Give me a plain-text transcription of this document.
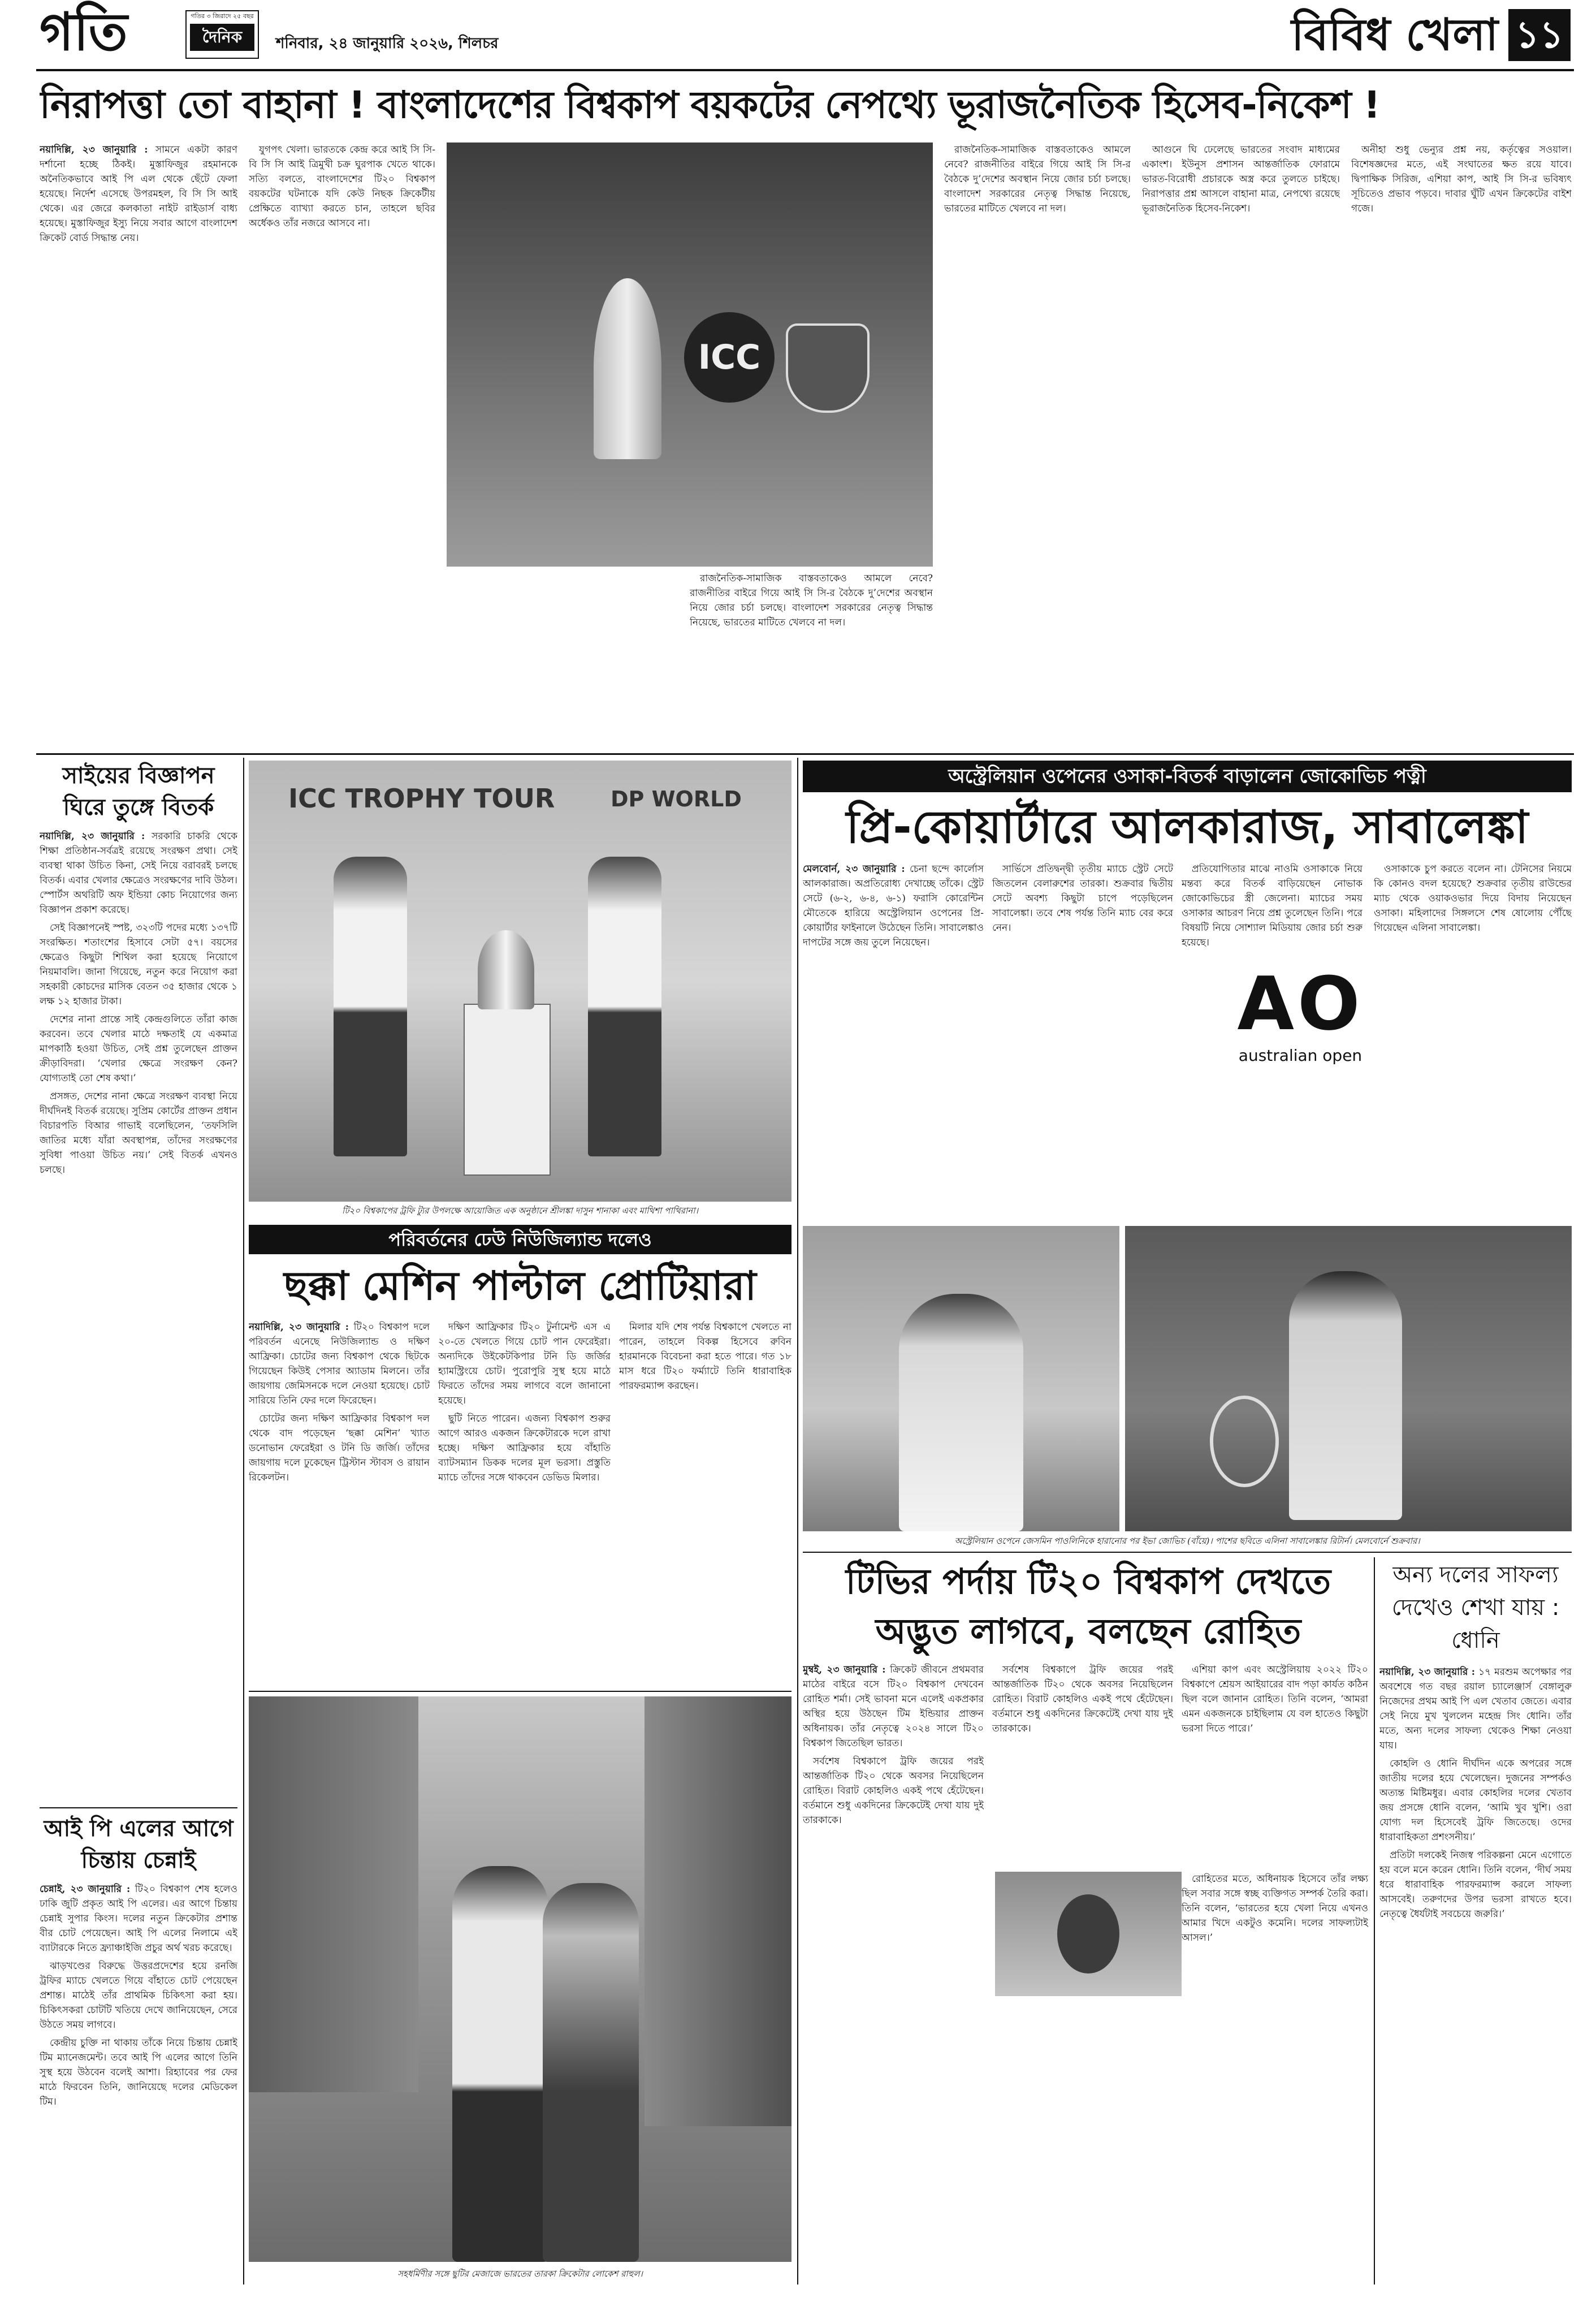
গতি	গতির ৩ জিরাদে ২৫ বছর
দৈনিক	শনিবার, ২৪ জানুয়ারি ২০২৬, শিলচর	বিবিধ খেলা ১১
নিরাপত্তা তো বাহানা ! বাংলাদেশের বিশ্বকাপ বয়কটের নেপথ্যে ভূরাজনৈতিক হিসেব-নিকেশ !

নয়াদিল্লি, ২৩ জানুয়ারি : সামনে একটা কারণ দর্শানো হচ্ছে ঠিকই। মুস্তাফিজুর রহমানকে অনৈতিকভাবে আই পি এল থেকে ছেঁটে ফেলা হয়েছে। নির্দেশ এসেছে উপরমহল, বি সি সি আই থেকে। এর জেরে কলকাতা নাইট রাইডার্স বাধ্য হয়েছে। মুস্তাফিজুর ইস্যু নিয়ে সবার আগে বাংলাদেশ ক্রিকেট বোর্ড সিদ্ধান্ত নেয়।

যুগপৎ খেলা। ভারতকে কেন্দ্র করে আই সি সি-বি সি সি আই ত্রিমুখী চক্র ঘুরপাক খেতে থাকে। সত্যি বলতে, বাংলাদেশের টি২০ বিশ্বকাপ বয়কটের ঘটনাকে যদি কেউ নিছক ক্রিকেটীয় প্রেক্ষিতে ব্যাখ্যা করতে চান, তাহলে ছবির অর্ধেকও তাঁর নজরে আসবে না।

ICC

রাজনৈতিক-সামাজিক বাস্তবতাকেও আমলে নেবে? রাজনীতির বাইরে গিয়ে আই সি সি-র বৈঠকে দু’দেশের অবস্থান নিয়ে জোর চর্চা চলছে। বাংলাদেশ সরকারের নেতৃত্ব সিদ্ধান্ত নিয়েছে, ভারতের মাটিতে খেলবে না দল।

রাজনৈতিক-সামাজিক বাস্তবতাকেও আমলে নেবে? রাজনীতির বাইরে গিয়ে আই সি সি-র বৈঠকে দু’দেশের অবস্থান নিয়ে জোর চর্চা চলছে। বাংলাদেশ সরকারের নেতৃত্ব সিদ্ধান্ত নিয়েছে, ভারতের মাটিতে খেলবে না দল।

আগুনে ঘি ঢেলেছে ভারতের সংবাদ মাধ্যমের একাংশ। ইউনুস প্রশাসন আন্তর্জাতিক ফোরামে ভারত-বিরোধী প্রচারকে অস্ত্র করে তুলতে চাইছে। নিরাপত্তার প্রশ্ন আসলে বাহানা মাত্র, নেপথ্যে রয়েছে ভূরাজনৈতিক হিসেব-নিকেশ।

অনীহা শুধু ভেন্যুর প্রশ্ন নয়, কর্তৃত্বের সওয়াল। বিশেষজ্ঞদের মতে, এই সংঘাতের ক্ষত রয়ে যাবে। দ্বিপাক্ষিক সিরিজ, এশিয়া কাপ, আই সি সি-র ভবিষ্যৎ সূচিতেও প্রভাব পড়বে। দাবার ঘুঁটি এখন ক্রিকেটের বাইশ গজে।

সাইয়ের বিজ্ঞাপন ঘিরে তুঙ্গে বিতর্ক

নয়াদিল্লি, ২৩ জানুয়ারি : সরকারি চাকরি থেকে শিক্ষা প্রতিষ্ঠান-সর্বত্রই রয়েছে সংরক্ষণ প্রথা। সেই ব্যবস্থা থাকা উচিত কিনা, সেই নিয়ে বরাবরই চলছে বিতর্ক। এবার খেলার ক্ষেত্রেও সংরক্ষণের দাবি উঠল। স্পোর্টস অথরিটি অফ ইন্ডিয়া কোচ নিয়োগের জন্য বিজ্ঞাপন প্রকাশ করেছে।

সেই বিজ্ঞাপনেই স্পষ্ট, ৩২৩টি পদের মধ্যে ১৩৭টি সংরক্ষিত। শতাংশের হিসাবে সেটা ৫৭। বয়সের ক্ষেত্রেও কিছুটা শিথিল করা হয়েছে নিয়োগে নিয়মাবলি। জানা গিয়েছে, নতুন করে নিয়োগ করা সহকারী কোচদের মাসিক বেতন ৩৫ হাজার থেকে ১ লক্ষ ১২ হাজার টাকা।

দেশের নানা প্রান্তে সাই কেন্দ্রগুলিতে তাঁরা কাজ করবেন। তবে খেলার মাঠে দক্ষতাই যে একমাত্র মাপকাঠি হওয়া উচিত, সেই প্রশ্ন তুলেছেন প্রাক্তন ক্রীড়াবিদরা। ‘খেলার ক্ষেত্রে সংরক্ষণ কেন? যোগ্যতাই তো শেষ কথা।’

প্রসঙ্গত, দেশের নানা ক্ষেত্রে সংরক্ষণ ব্যবস্থা নিয়ে দীর্ঘদিনই বিতর্ক রয়েছে। সুপ্রিম কোর্টের প্রাক্তন প্রধান বিচারপতি বিআর গাভাই বলেছিলেন, ‘তফসিলি জাতির মধ্যে যাঁরা অবস্থাপন্ন, তাঁদের সংরক্ষণের সুবিধা পাওয়া উচিত নয়।’ সেই বিতর্ক এখনও চলছে।

আই পি এলের আগে চিন্তায় চেন্নাই

চেন্নাই, ২৩ জানুয়ারি : টি২০ বিশ্বকাপ শেষ হলেও ঢাকি জুটি প্রকৃত আই পি এলের। এর আগে চিন্তায় চেন্নাই সুপার কিংস। দলের নতুন ক্রিকেটার প্রশান্ত বীর চোট পেয়েছেন। আই পি এলের নিলামে এই ব্যাটারকে নিতে ফ্র্যাঞ্চাইজি প্রচুর অর্থ খরচ করেছে।

ঝাড়খণ্ডের বিরুদ্ধে উত্তরপ্রদেশের হয়ে রনজি ট্রফির ম্যাচে খেলতে গিয়ে বাঁহাতে চোট পেয়েছেন প্রশান্ত। মাঠেই তাঁর প্রাথমিক চিকিৎসা করা হয়। চিকিৎসকরা চোটটি খতিয়ে দেখে জানিয়েছেন, সেরে উঠতে সময় লাগবে।

কেন্দ্রীয় চুক্তি না থাকায় তাঁকে নিয়ে চিন্তায় চেন্নাই টিম ম্যানেজমেন্ট। তবে আই পি এলের আগে তিনি সুস্থ হয়ে উঠবেন বলেই আশা। রিহ্যাবের পর ফের মাঠে ফিরবেন তিনি, জানিয়েছে দলের মেডিকেল টিম।

ICC TROPHY TOUR	DP WORLD
টি২০ বিশ্বকাপের ট্রফি ট্যুর উপলক্ষে আয়োজিত এক অনুষ্ঠানে শ্রীলঙ্কা দাসুন শানাকা এবং মাথিশা পাথিরানা।
পরিবর্তনের ঢেউ নিউজিল্যান্ড দলেও
ছক্কা মেশিন পাল্টাল প্রোটিয়ারা

নয়াদিল্লি, ২৩ জানুয়ারি : টি২০ বিশ্বকাপ দলে পরিবর্তন এনেছে নিউজিল্যান্ড ও দক্ষিণ আফ্রিকা। চোটের জন্য বিশ্বকাপ থেকে ছিটকে গিয়েছেন কিউই পেসার অ্যাডাম মিলনে। তাঁর জায়গায় জেমিসনকে দলে নেওয়া হয়েছে। চোট সারিয়ে তিনি ফের দলে ফিরেছেন।

চোটের জন্য দক্ষিণ আফ্রিকার বিশ্বকাপ দল থেকে বাদ পড়েছেন ‘ছক্কা মেশিন’ খ্যাত ডনোভান ফেরেইরা ও টনি ডি জর্জি। তাঁদের জায়গায় দলে ঢুকেছেন ট্রিস্টান স্টাবস ও রায়ান রিকেলটন।

দক্ষিণ আফ্রিকার টি২০ টুর্নামেন্ট এস এ ২০-তে খেলতে গিয়ে চোট পান ফেরেইরা। অন্যদিকে উইকেটকিপার টনি ডি জর্জির হ্যামস্ট্রিংয়ে চোট। পুরোপুরি সুস্থ হয়ে মাঠে ফিরতে তাঁদের সময় লাগবে বলে জানানো হয়েছে।

ছুটি নিতে পারেন। এজন্য বিশ্বকাপ শুরুর আগে আরও একজন ক্রিকেটারকে দলে রাখা হচ্ছে। দক্ষিণ আফ্রিকার হয়ে বাঁহাতি ব্যাটসম্যান ডিকক দলের মূল ভরসা। প্রস্তুতি ম্যাচে তাঁদের সঙ্গে থাকবেন ডেভিড মিলার।

মিলার যদি শেষ পর্যন্ত বিশ্বকাপে খেলতে না পারেন, তাহলে বিকল্প হিসেবে রুবিন হারমানকে বিবেচনা করা হতে পারে। গত ১৮ মাস ধরে টি২০ ফর্ম্যাটে তিনি ধারাবাহিক পারফরম্যান্স করছেন।

সহধর্মিণীর সঙ্গে ছুটির মেজাজে ভারতের তারকা ক্রিকেটার লোকেশ রাহুল।
অস্ট্রেলিয়ান ওপেনের ওসাকা-বিতর্ক বাড়ালেন জোকোভিচ পত্নী
প্রি-কোয়ার্টারে আলকারাজ, সাবালেঙ্কা

মেলবোর্ন, ২৩ জানুয়ারি : চেনা ছন্দে কার্লোস আলকারাজ। অপ্রতিরোধ্য দেখাচ্ছে তাঁকে। স্ট্রেট সেটে (৬-২, ৬-৪, ৬-১) ফরাসি কোরেন্টিন মৌতেকে হারিয়ে অস্ট্রেলিয়ান ওপেনের প্রি-কোয়ার্টার ফাইনালে উঠেছেন তিনি। সাবালেঙ্কাও দাপটের সঙ্গে জয় তুলে নিয়েছেন।

সার্ভিসে প্রতিদ্বন্দ্বী তৃতীয় ম্যাচে স্ট্রেট সেটে জিতলেন বেলারুশের তারকা। শুক্রবার দ্বিতীয় সেটে অবশ্য কিছুটা চাপে পড়েছিলেন সাবালেঙ্কা। তবে শেষ পর্যন্ত তিনি ম্যাচ বের করে নেন।

প্রতিযোগিতার মাঝে নাওমি ওসাকাকে নিয়ে মন্তব্য করে বিতর্ক বাড়িয়েছেন নোভাক জোকোভিচের স্ত্রী জেলেনা। ম্যাচের সময় ওসাকার আচরণ নিয়ে প্রশ্ন তুলেছেন তিনি। পরে বিষয়টি নিয়ে সোশ্যাল মিডিয়ায় জোর চর্চা শুরু হয়েছে।

AO
australian open

ওসাকাকে চুপ করতে বলেন না। টেনিসের নিয়মে কি কোনও বদল হয়েছে? শুক্রবার তৃতীয় রাউন্ডের ম্যাচ থেকে ওয়াকওভার দিয়ে বিদায় নিয়েছেন ওসাকা। মহিলাদের সিঙ্গলসে শেষ ষোলোয় পৌঁছে গিয়েছেন এলিনা সাবালেঙ্কা।

অস্ট্রেলিয়ান ওপেনে জেসমিন পাওলিনিকে হারানোর পর ইভা জোভিচ (বাঁয়ে)। পাশের ছবিতে এলিনা সাবালেঙ্কার রিটার্ন। মেলবোর্নে শুক্রবার।
টিভির পর্দায় টি২০ বিশ্বকাপ দেখতে
অদ্ভুত লাগবে, বলছেন রোহিত

মুম্বই, ২৩ জানুয়ারি : ক্রিকেট জীবনে প্রথমবার মাঠের বাইরে বসে টি২০ বিশ্বকাপ দেখবেন রোহিত শর্মা। সেই ভাবনা মনে এলেই একপ্রকার অস্থির হয়ে উঠছেন টিম ইন্ডিয়ার প্রাক্তন অধিনায়ক। তাঁর নেতৃত্বে ২০২৪ সালে টি২০ বিশ্বকাপ জিতেছিল ভারত।

সর্বশেষ বিশ্বকাপে ট্রফি জয়ের পরই আন্তর্জাতিক টি২০ থেকে অবসর নিয়েছিলেন রোহিত। বিরাট কোহলিও একই পথে হেঁটেছেন। বর্তমানে শুধু একদিনের ক্রিকেটেই দেখা যায় দুই তারকাকে।

সর্বশেষ বিশ্বকাপে ট্রফি জয়ের পরই আন্তর্জাতিক টি২০ থেকে অবসর নিয়েছিলেন রোহিত। বিরাট কোহলিও একই পথে হেঁটেছেন। বর্তমানে শুধু একদিনের ক্রিকেটেই দেখা যায় দুই তারকাকে।

এশিয়া কাপ এবং অস্ট্রেলিয়ায় ২০২২ টি২০ বিশ্বকাপে শ্রেয়স আইয়ারের বাদ পড়া কার্যত কঠিন ছিল বলে জানান রোহিত। তিনি বলেন, ‘আমরা এমন একজনকে চাইছিলাম যে বল হাতেও কিছুটা ভরসা দিতে পারে।’

রোহিতের মতে, অধিনায়ক হিসেবে তাঁর লক্ষ্য ছিল সবার সঙ্গে স্বচ্ছ ব্যক্তিগত সম্পর্ক তৈরি করা। তিনি বলেন, ‘ভারতের হয়ে খেলা নিয়ে এখনও আমার খিদে একটুও কমেনি। দলের সাফল্যটাই আসল।’

অন্য দলের সাফল্য দেখেও শেখা যায় : ধোনি

নয়াদিল্লি, ২৩ জানুয়ারি : ১৭ মরশুম অপেক্ষার পর অবশেষে গত বছর রয়াল চ্যালেঞ্জার্স বেঙ্গালুরু নিজেদের প্রথম আই পি এল খেতাব জেতে। এবার সেই নিয়ে মুখ খুললেন মহেন্দ্র সিং ধোনি। তাঁর মতে, অন্য দলের সাফল্য থেকেও শিক্ষা নেওয়া যায়।

কোহলি ও ধোনি দীর্ঘদিন একে অপরের সঙ্গে জাতীয় দলের হয়ে খেলেছেন। দুজনের সম্পর্কও অত্যন্ত মিষ্টিমধুর। এবার কোহলির দলের খেতাব জয় প্রসঙ্গে ধোনি বলেন, ‘আমি খুব খুশি। ওরা যোগ্য দল হিসেবেই ট্রফি জিতেছে। ওদের ধারাবাহিকতা প্রশংসনীয়।’

প্রতিটা দলকেই নিজস্ব পরিকল্পনা মেনে এগোতে হয় বলে মনে করেন ধোনি। তিনি বলেন, ‘দীর্ঘ সময় ধরে ধারাবাহিক পারফরম্যান্স করলে সাফল্য আসবেই। তরুণদের উপর ভরসা রাখতে হবে। নেতৃত্বে ধৈর্যটাই সবচেয়ে জরুরি।’
